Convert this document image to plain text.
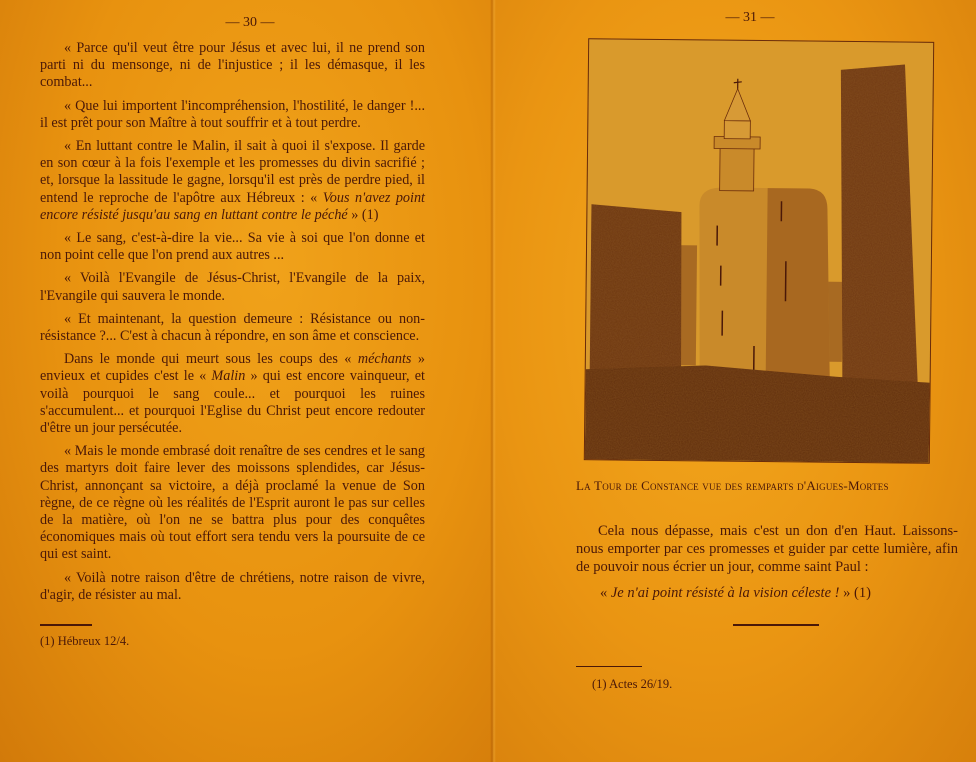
— 30 —

« Parce qu'il veut être pour Jésus et avec lui, il ne prend son parti ni du mensonge, ni de l'injustice ; il les démasque, il les combat...

« Que lui importent l'incompréhension, l'hostilité, le danger !... il est prêt pour son Maître à tout souffrir et à tout perdre.

« En luttant contre le Malin, il sait à quoi il s'expose. Il garde en son cœur à la fois l'exemple et les promesses du divin sacrifié ; et, lorsque la lassitude le gagne, lorsqu'il est près de perdre pied, il entend le reproche de l'apôtre aux Hébreux : « Vous n'avez point encore résisté jusqu'au sang en luttant contre le péché » (1)

« Le sang, c'est-à-dire la vie... Sa vie à soi que l'on donne et non point celle que l'on prend aux autres ...

« Voilà l'Evangile de Jésus-Christ, l'Evangile de la paix, l'Evangile qui sauvera le monde.

« Et maintenant, la question demeure : Résistance ou non-résistance ?... C'est à chacun à répondre, en son âme et conscience.

Dans le monde qui meurt sous les coups des « méchants » envieux et cupides c'est le « Malin » qui est encore vainqueur, et voilà pourquoi le sang coule... et pourquoi les ruines s'accumulent... et pourquoi l'Eglise du Christ peut encore redouter d'être un jour persécutée.

« Mais le monde embrasé doit renaître de ses cendres et le sang des martyrs doit faire lever des moissons splendides, car Jésus-Christ, annonçant sa victoire, a déjà proclamé la venue de Son règne, de ce règne où les réalités de l'Esprit auront le pas sur celles de la matière, où l'on ne se battra plus pour des conquêtes économiques mais où tout effort sera tendu vers la poursuite de ce qui est saint.

« Voilà notre raison d'être de chrétiens, notre raison de vivre, d'agir, de résister au mal.

(1) Hébreux 12/4.
— 31 —
La Tour de Constance vue des remparts d'Aigues-Mortes

Cela nous dépasse, mais c'est un don d'en Haut. Laissons-nous emporter par ces promesses et guider par cette lumière, afin de pouvoir nous écrier un jour, comme saint Paul :

« Je n'ai point résisté à la vision céleste ! » (1)
(1) Actes 26/19.
